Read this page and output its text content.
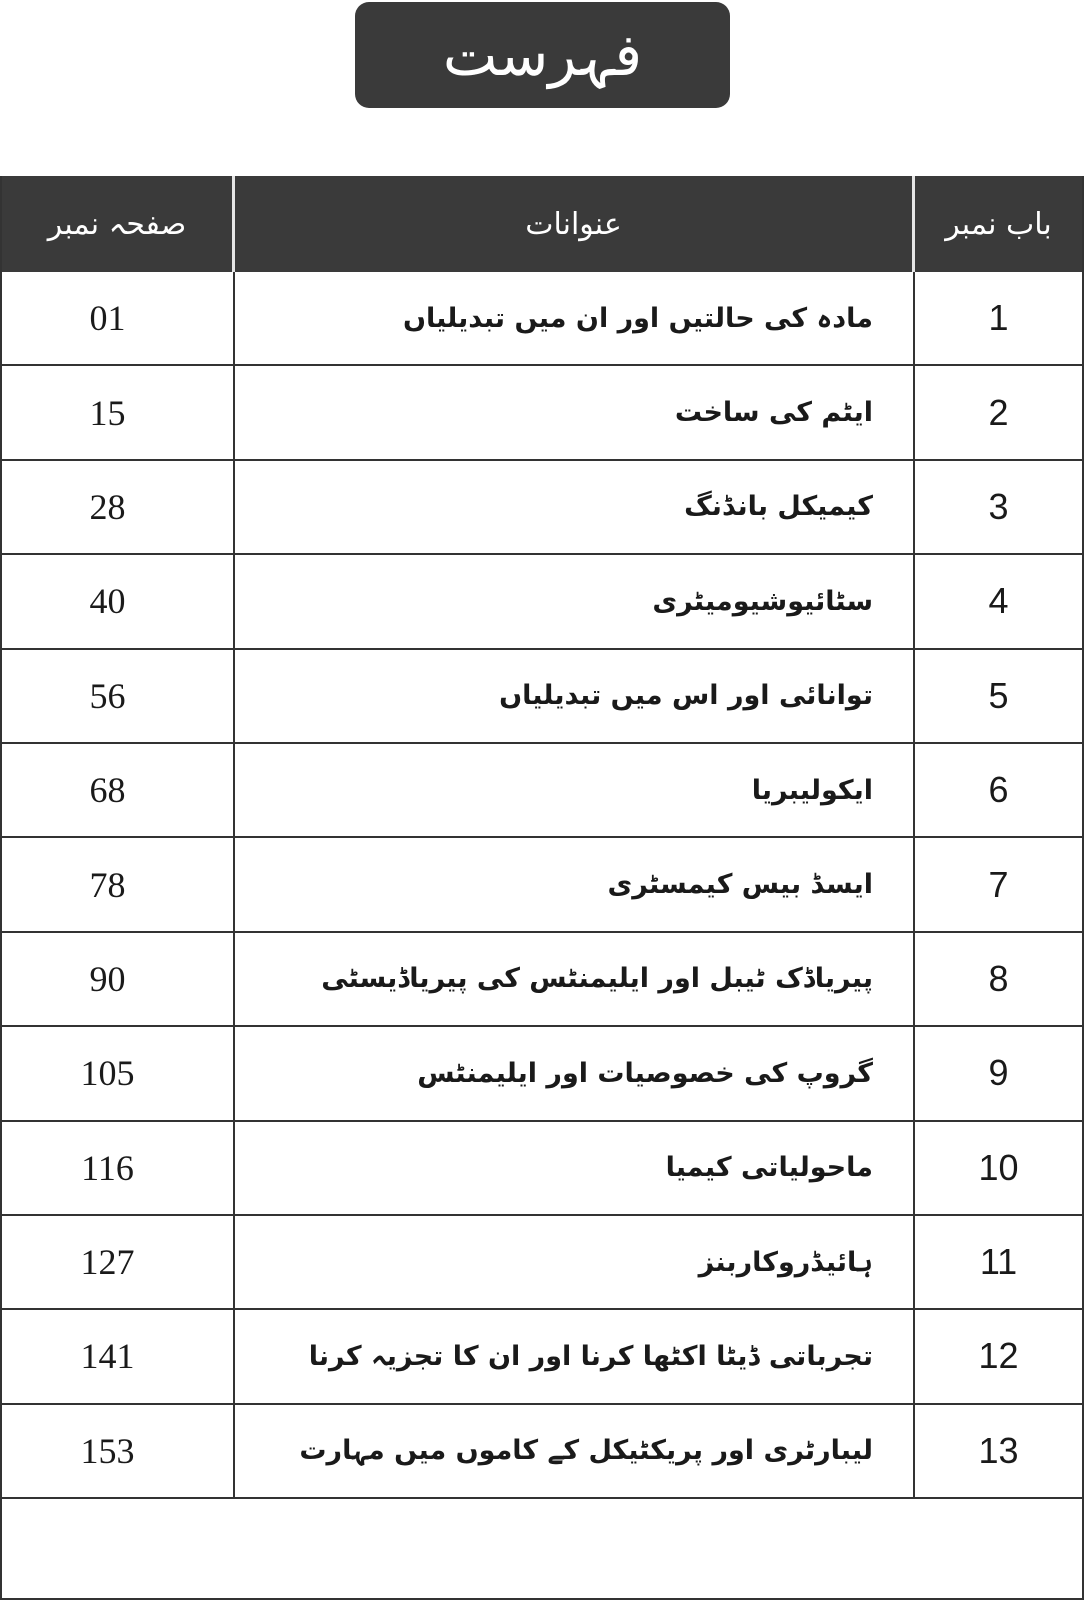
فہرست
صفحہ نمبر	عنوانات	باب نمبر
01	مادہ کی حالتیں اور ان میں تبدیلیاں	1
15	ایٹم کی ساخت	2
28	کیمیکل بانڈنگ	3
40	سٹائیوشیومیٹری	4
56	توانائی اور اس میں تبدیلیاں	5
68	ایکولیبریا	6
78	ایسڈ بیس کیمسٹری	7
90	پیریاڈک ٹیبل اور ایلیمنٹس کی پیریاڈیسٹی	8
105	گروپ کی خصوصیات اور ایلیمنٹس	9
116	ماحولیاتی کیمیا	10
127	ہائیڈروکاربنز	11
141	تجرباتی ڈیٹا اکٹھا کرنا اور ان کا تجزیہ کرنا	12
153	لیبارٹری اور پریکٹیکل کے کاموں میں مہارت	13
